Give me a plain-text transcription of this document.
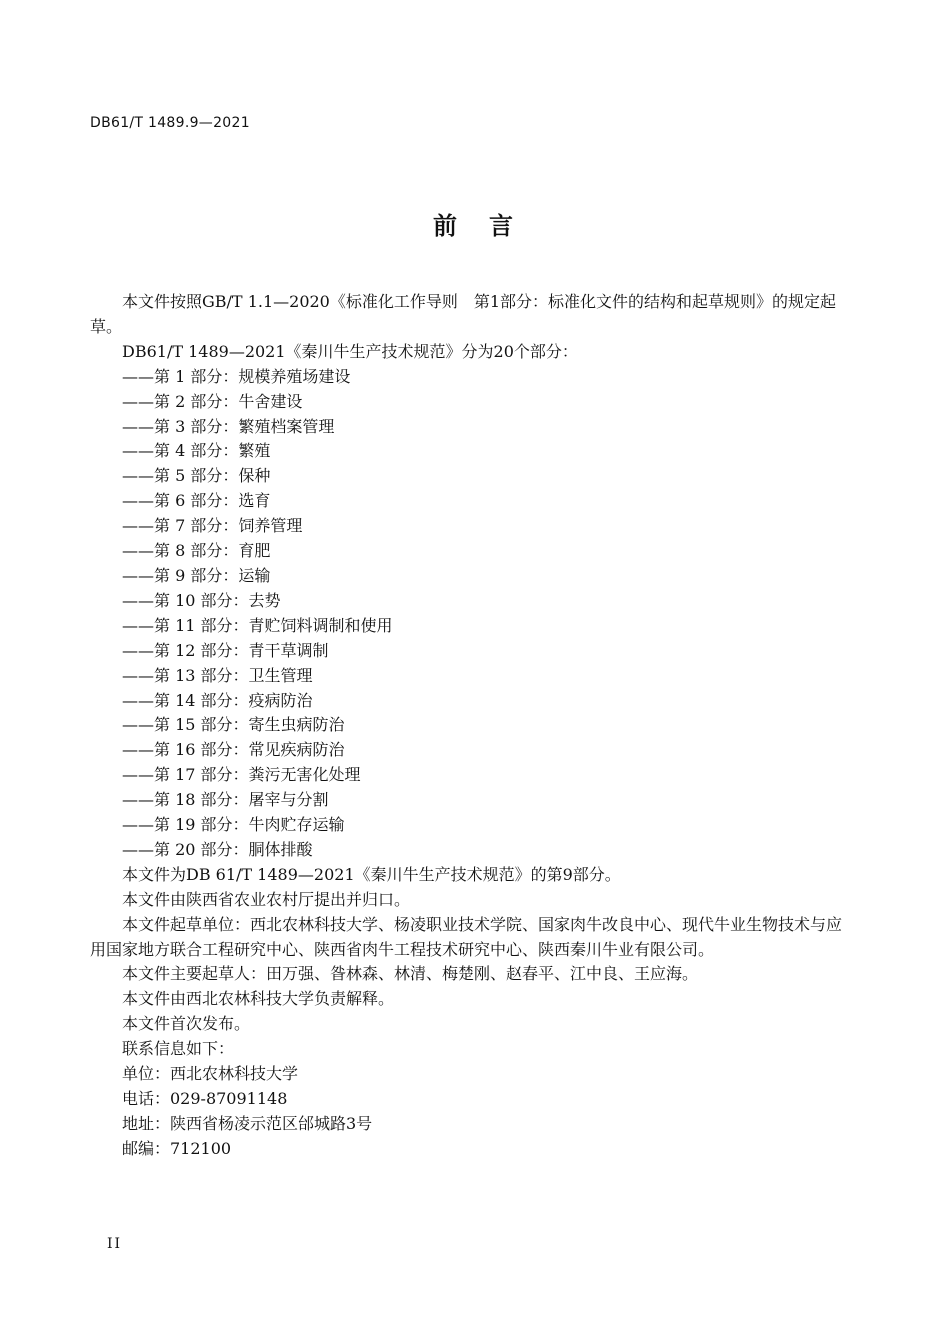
DB61/T 1489.9—2021
前　言

本文件按照GB/T 1.1—2020《标准化工作导则　第1部分：标准化文件的结构和起草规则》的规定起草。

DB61/T 1489—2021《秦川牛生产技术规范》分为20个部分：

——第 1 部分：规模养殖场建设
——第 2 部分：牛舍建设
——第 3 部分：繁殖档案管理
——第 4 部分：繁殖
——第 5 部分：保种
——第 6 部分：选育
——第 7 部分：饲养管理
——第 8 部分：育肥
——第 9 部分：运输
——第 10 部分：去势
——第 11 部分：青贮饲料调制和使用
——第 12 部分：青干草调制
——第 13 部分：卫生管理
——第 14 部分：疫病防治
——第 15 部分：寄生虫病防治
——第 16 部分：常见疾病防治
——第 17 部分：粪污无害化处理
——第 18 部分：屠宰与分割
——第 19 部分：牛肉贮存运输
——第 20 部分：胴体排酸

本文件为DB 61/T 1489—2021《秦川牛生产技术规范》的第9部分。

本文件由陕西省农业农村厅提出并归口。

本文件起草单位：西北农林科技大学、杨凌职业技术学院、国家肉牛改良中心、现代牛业生物技术与应用国家地方联合工程研究中心、陕西省肉牛工程技术研究中心、陕西秦川牛业有限公司。

本文件主要起草人：田万强、昝林森、林清、梅楚刚、赵春平、江中良、王应海。

本文件由西北农林科技大学负责解释。

本文件首次发布。

联系信息如下：

单位：西北农林科技大学

电话：029-87091148

地址：陕西省杨凌示范区邰城路3号

邮编：712100

II
